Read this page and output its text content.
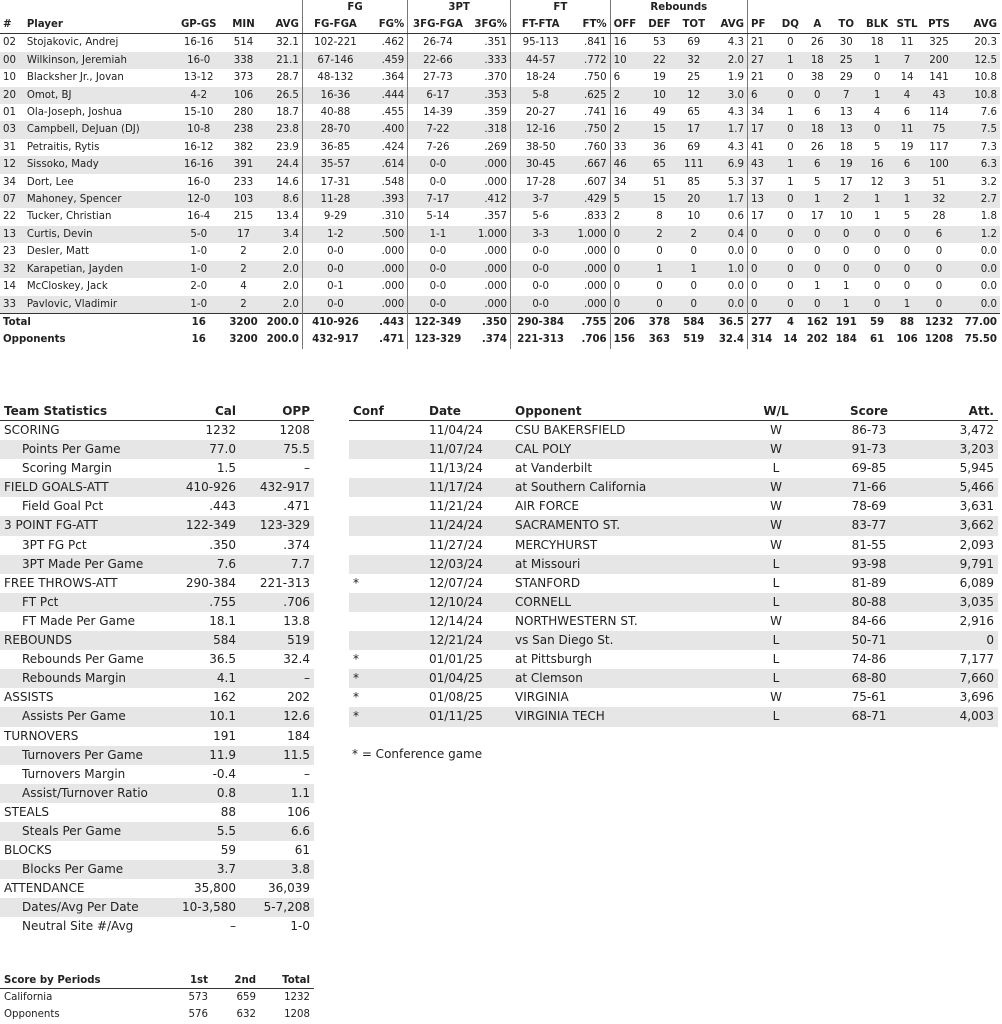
					FG		3PT		FT		Rebounds											
#	Player	GP-GS	MIN	AVG	FG-FGA	FG%	3FG-FGA	3FG%	FT-FTA	FT%	OFF	DEF	TOT	AVG	PF	DQ	A	TO	BLK	STL	PTS	AVG
02	Stojakovic, Andrej	16-16	514	32.1	102-221	.462	26-74	.351	95-113	.841	16	53	69	4.3	21	0	26	30	18	11	325	20.3
00	Wilkinson, Jeremiah	16-0	338	21.1	67-146	.459	22-66	.333	44-57	.772	10	22	32	2.0	27	1	18	25	1	7	200	12.5
10	Blacksher Jr., Jovan	13-12	373	28.7	48-132	.364	27-73	.370	18-24	.750	6	19	25	1.9	21	0	38	29	0	14	141	10.8
20	Omot, BJ	4-2	106	26.5	16-36	.444	6-17	.353	5-8	.625	2	10	12	3.0	6	0	0	7	1	4	43	10.8
01	Ola-Joseph, Joshua	15-10	280	18.7	40-88	.455	14-39	.359	20-27	.741	16	49	65	4.3	34	1	6	13	4	6	114	7.6
03	Campbell, DeJuan (DJ)	10-8	238	23.8	28-70	.400	7-22	.318	12-16	.750	2	15	17	1.7	17	0	18	13	0	11	75	7.5
31	Petraitis, Rytis	16-12	382	23.9	36-85	.424	7-26	.269	38-50	.760	33	36	69	4.3	41	0	26	18	5	19	117	7.3
12	Sissoko, Mady	16-16	391	24.4	35-57	.614	0-0	.000	30-45	.667	46	65	111	6.9	43	1	6	19	16	6	100	6.3
34	Dort, Lee	16-0	233	14.6	17-31	.548	0-0	.000	17-28	.607	34	51	85	5.3	37	1	5	17	12	3	51	3.2
07	Mahoney, Spencer	12-0	103	8.6	11-28	.393	7-17	.412	3-7	.429	5	15	20	1.7	13	0	1	2	1	1	32	2.7
22	Tucker, Christian	16-4	215	13.4	9-29	.310	5-14	.357	5-6	.833	2	8	10	0.6	17	0	17	10	1	5	28	1.8
13	Curtis, Devin	5-0	17	3.4	1-2	.500	1-1	1.000	3-3	1.000	0	2	2	0.4	0	0	0	0	0	0	6	1.2
23	Desler, Matt	1-0	2	2.0	0-0	.000	0-0	.000	0-0	.000	0	0	0	0.0	0	0	0	0	0	0	0	0.0
32	Karapetian, Jayden	1-0	2	2.0	0-0	.000	0-0	.000	0-0	.000	0	1	1	1.0	0	0	0	0	0	0	0	0.0
14	McCloskey, Jack	2-0	4	2.0	0-1	.000	0-0	.000	0-0	.000	0	0	0	0.0	0	0	1	1	0	0	0	0.0
33	Pavlovic, Vladimir	1-0	2	2.0	0-0	.000	0-0	.000	0-0	.000	0	0	0	0.0	0	0	0	1	0	1	0	0.0
Total		16	3200	200.0	410-926	.443	122-349	.350	290-384	.755	206	378	584	36.5	277	4	162	191	59	88	1232	77.00
Opponents		16	3200	200.0	432-917	.471	123-329	.374	221-313	.706	156	363	519	32.4	314	14	202	184	61	106	1208	75.50
Team Statistics	Cal	OPP
SCORING	1232	1208
Points Per Game	77.0	75.5
Scoring Margin	1.5	–
FIELD GOALS-ATT	410-926	432-917
Field Goal Pct	.443	.471
3 POINT FG-ATT	122-349	123-329
3PT FG Pct	.350	.374
3PT Made Per Game	7.6	7.7
FREE THROWS-ATT	290-384	221-313
FT Pct	.755	.706
FT Made Per Game	18.1	13.8
REBOUNDS	584	519
Rebounds Per Game	36.5	32.4
Rebounds Margin	4.1	–
ASSISTS	162	202
Assists Per Game	10.1	12.6
TURNOVERS	191	184
Turnovers Per Game	11.9	11.5
Turnovers Margin	-0.4	–
Assist/Turnover Ratio	0.8	1.1
STEALS	88	106
Steals Per Game	5.5	6.6
BLOCKS	59	61
Blocks Per Game	3.7	3.8
ATTENDANCE	35,800	36,039
Dates/Avg Per Date	10-3,580	5-7,208
Neutral Site #/Avg	–	1-0
Conf	Date	Opponent	W/L	Score	Att.
	11/04/24	CSU BAKERSFIELD	W	86-73	3,472
	11/07/24	CAL POLY	W	91-73	3,203
	11/13/24	at Vanderbilt	L	69-85	5,945
	11/17/24	at Southern California	W	71-66	5,466
	11/21/24	AIR FORCE	W	78-69	3,631
	11/24/24	SACRAMENTO ST.	W	83-77	3,662
	11/27/24	MERCYHURST	W	81-55	2,093
	12/03/24	at Missouri	L	93-98	9,791
*	12/07/24	STANFORD	L	81-89	6,089
	12/10/24	CORNELL	L	80-88	3,035
	12/14/24	NORTHWESTERN ST.	W	84-66	2,916
	12/21/24	vs San Diego St.	L	50-71	0
*	01/01/25	at Pittsburgh	L	74-86	7,177
*	01/04/25	at Clemson	L	68-80	7,660
*	01/08/25	VIRGINIA	W	75-61	3,696
*	01/11/25	VIRGINIA TECH	L	68-71	4,003
* = Conference game
Score by Periods	1st	2nd	Total
California	573	659	1232
Opponents	576	632	1208
